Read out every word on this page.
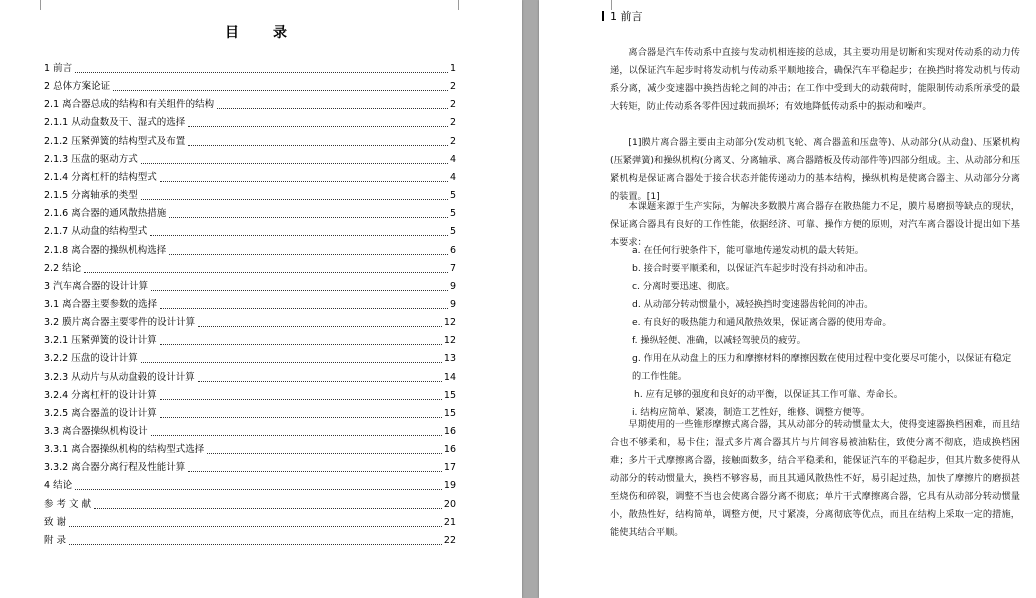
目　录
1 前言	1
2 总体方案论证	2
2.1 离合器总成的结构和有关组件的结构	2
2.1.1 从动盘数及干、湿式的选择	2
2.1.2 压紧弹簧的结构型式及布置	2
2.1.3 压盘的驱动方式	4
2.1.4 分离杠杆的结构型式	4
2.1.5 分离轴承的类型	5
2.1.6 离合器的通风散热措施	5
2.1.7 从动盘的结构型式	5
2.1.8 离合器的操纵机构选择	6
2.2 结论	7
3 汽车离合器的设计计算	9
3.1 离合器主要参数的选择	9
3.2 膜片离合器主要零件的设计计算	12
3.2.1 压紧弹簧的设计计算	12
3.2.2 压盘的设计计算	13
3.2.3 从动片与从动盘毂的设计计算	14
3.2.4 分离杠杆的设计计算	15
3.2.5 离合器盖的设计计算	15
3.3 离合器操纵机构设计	16
3.3.1 离合器操纵机构的结构型式选择	16
3.3.2 离合器分离行程及性能计算	17
4 结论	19
参 考 文 献	20
致 谢	21
附 录	22
1 前言

离合器是汽车传动系中直接与发动机相连接的总成，其主要功用是切断和实现对传动系的动力传递，以保证汽车起步时将发动机与传动系平顺地接合，确保汽车平稳起步；在换挡时将发动机与传动系分离，减少变速器中换挡齿轮之间的冲击；在工作中受到大的动载荷时，能限制传动系所承受的最大转矩，防止传动系各零件因过载而损坏；有效地降低传动系中的振动和噪声。

[1]膜片离合器主要由主动部分(发动机飞轮、离合器盖和压盘等)、从动部分(从动盘)、压紧机构(压紧弹簧)和操纵机构(分离叉、分离轴承、离合器踏板及传动部件等)四部分组成。主、从动部分和压紧机构是保证离合器处于接合状态并能传递动力的基本结构，操纵机构是使离合器主、从动部分分离的装置。[1]

本课题来源于生产实际，为解决多数膜片离合器存在散热能力不足，膜片易磨损等缺点的现状，保证离合器具有良好的工作性能，依据经济、可靠、操作方便的原则，对汽车离合器设计提出如下基本要求：

a. 在任何行驶条件下，能可靠地传递发动机的最大转矩。
b. 接合时要平顺柔和，以保证汽车起步时没有抖动和冲击。
c. 分离时要迅速、彻底。
d. 从动部分转动惯量小，减轻换挡时变速器齿轮间的冲击。
e. 有良好的吸热能力和通风散热效果，保证离合器的使用寿命。
f. 操纵轻便、准确，以减轻驾驶员的疲劳。
g. 作用在从动盘上的压力和摩擦材料的摩擦因数在使用过程中变化要尽可能小，以保证有稳定的工作性能。
h. 应有足够的强度和良好的动平衡，以保证其工作可靠、寿命长。
i. 结构应简单、紧凑，制造工艺性好，维修、调整方便等。

早期使用的一些锥形摩擦式离合器，其从动部分的转动惯量太大，使得变速器换档困难，而且结合也不够柔和，易卡住；湿式多片离合器其片与片间容易被油粘住，致使分离不彻底，造成换档困难；多片干式摩擦离合器，接触面数多，结合平稳柔和，能保证汽车的平稳起步，但其片数多使得从动部分的转动惯量大，换档不够容易，而且其通风散热性不好，易引起过热，加快了摩擦片的磨损甚至烧伤和碎裂，调整不当也会使离合器分离不彻底；单片干式摩擦离合器，它具有从动部分转动惯量小，散热性好，结构简单，调整方便，尺寸紧凑，分离彻底等优点，而且在结构上采取一定的措施，能使其结合平顺。
